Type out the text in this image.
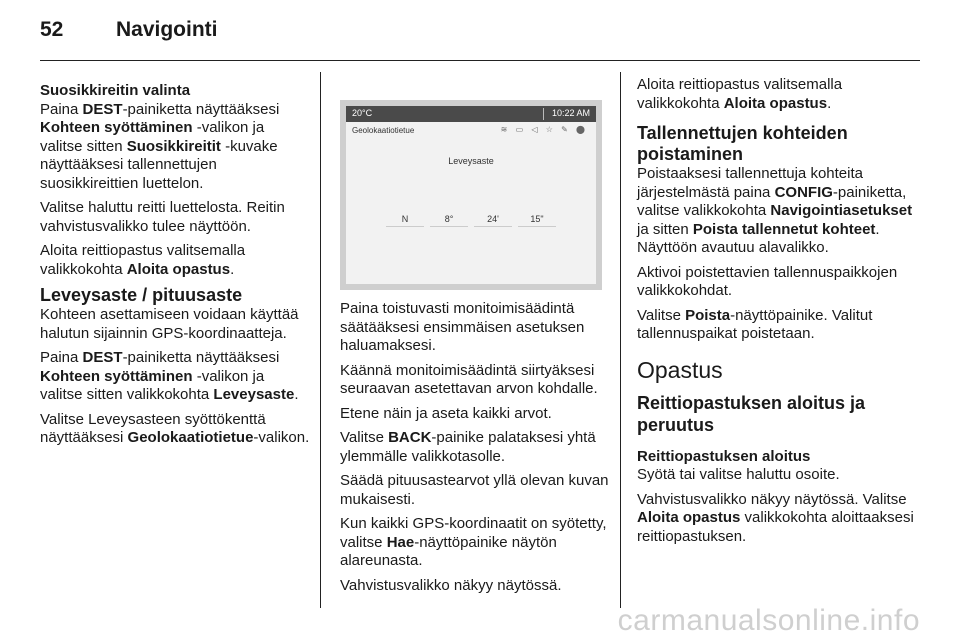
52	Navigointi
Suosikkireitin valinta

Paina DEST-painiketta näyttääksesi Kohteen syöttäminen -valikon ja valitse sitten Suosikkireitit -kuvake näyttääksesi tallennettujen suosikkireittien luettelon.

Valitse haluttu reitti luettelosta. Reitin vahvistusvalikko tulee näyttöön.

Aloita reittiopastus valitsemalla valikkokohta Aloita opastus.

Leveysaste / pituusaste

Kohteen asettamiseen voidaan käyttää halutun sijainnin GPS-koordinaatteja.

Paina DEST-painiketta näyttääksesi Kohteen syöttäminen -valikon ja valitse sitten valikkokohta Leveysaste.

Valitse Leveysasteen syöttökenttä näyttääksesi Geolokaatiotietue-valikon.

20°C	10:22 AM
Geolokaatiotietue	≋ ▭ ◁ ☆ ✎ ⬤
Leveysaste
N	8°	24'	15"

Paina toistuvasti monitoimisäädintä säätääksesi ensimmäisen asetuksen haluamaksesi.

Käännä monitoimisäädintä siirtyäksesi seuraavan asetettavan arvon kohdalle.

Etene näin ja aseta kaikki arvot.

Valitse BACK-painike palataksesi yhtä ylemmälle valikkotasolle.

Säädä pituusastearvot yllä olevan kuvan mukaisesti.

Kun kaikki GPS-koordinaatit on syötetty, valitse Hae-näyttöpainike näytön alareunasta.

Vahvistusvalikko näkyy näytössä.

Aloita reittiopastus valitsemalla valikkokohta Aloita opastus.

Tallennettujen kohteiden poistaminen

Poistaaksesi tallennettuja kohteita järjestelmästä paina CONFIG-painiketta, valitse valikkokohta Navigointiasetukset ja sitten Poista tallennetut kohteet. Näyttöön avautuu alavalikko.

Aktivoi poistettavien tallennuspaikkojen valikkokohdat.

Valitse Poista-näyttöpainike. Valitut tallennuspaikat poistetaan.

Opastus
Reittiopastuksen aloitus ja peruutus
Reittiopastuksen aloitus

Syötä tai valitse haluttu osoite.

Vahvistusvalikko näkyy näytössä. Valitse Aloita opastus valikkokohta aloittaaksesi reittiopastuksen.

carmanualsonline.info
